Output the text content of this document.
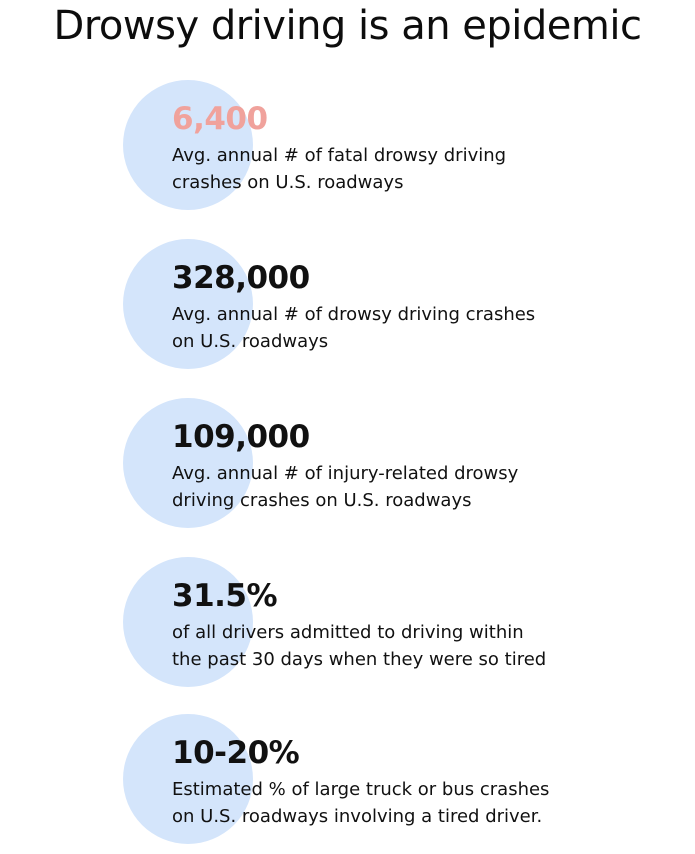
Drowsy driving is an epidemic
6,400
Avg. annual # of fatal drowsy driving
crashes on U.S. roadways
328,000
Avg. annual # of drowsy driving crashes
on U.S. roadways
109,000
Avg. annual # of injury-related drowsy
driving crashes on U.S. roadways
31.5%
of all drivers admitted to driving within
the past 30 days when they were so tired
10-20%
Estimated % of large truck or bus crashes
on U.S. roadways involving a tired driver.
